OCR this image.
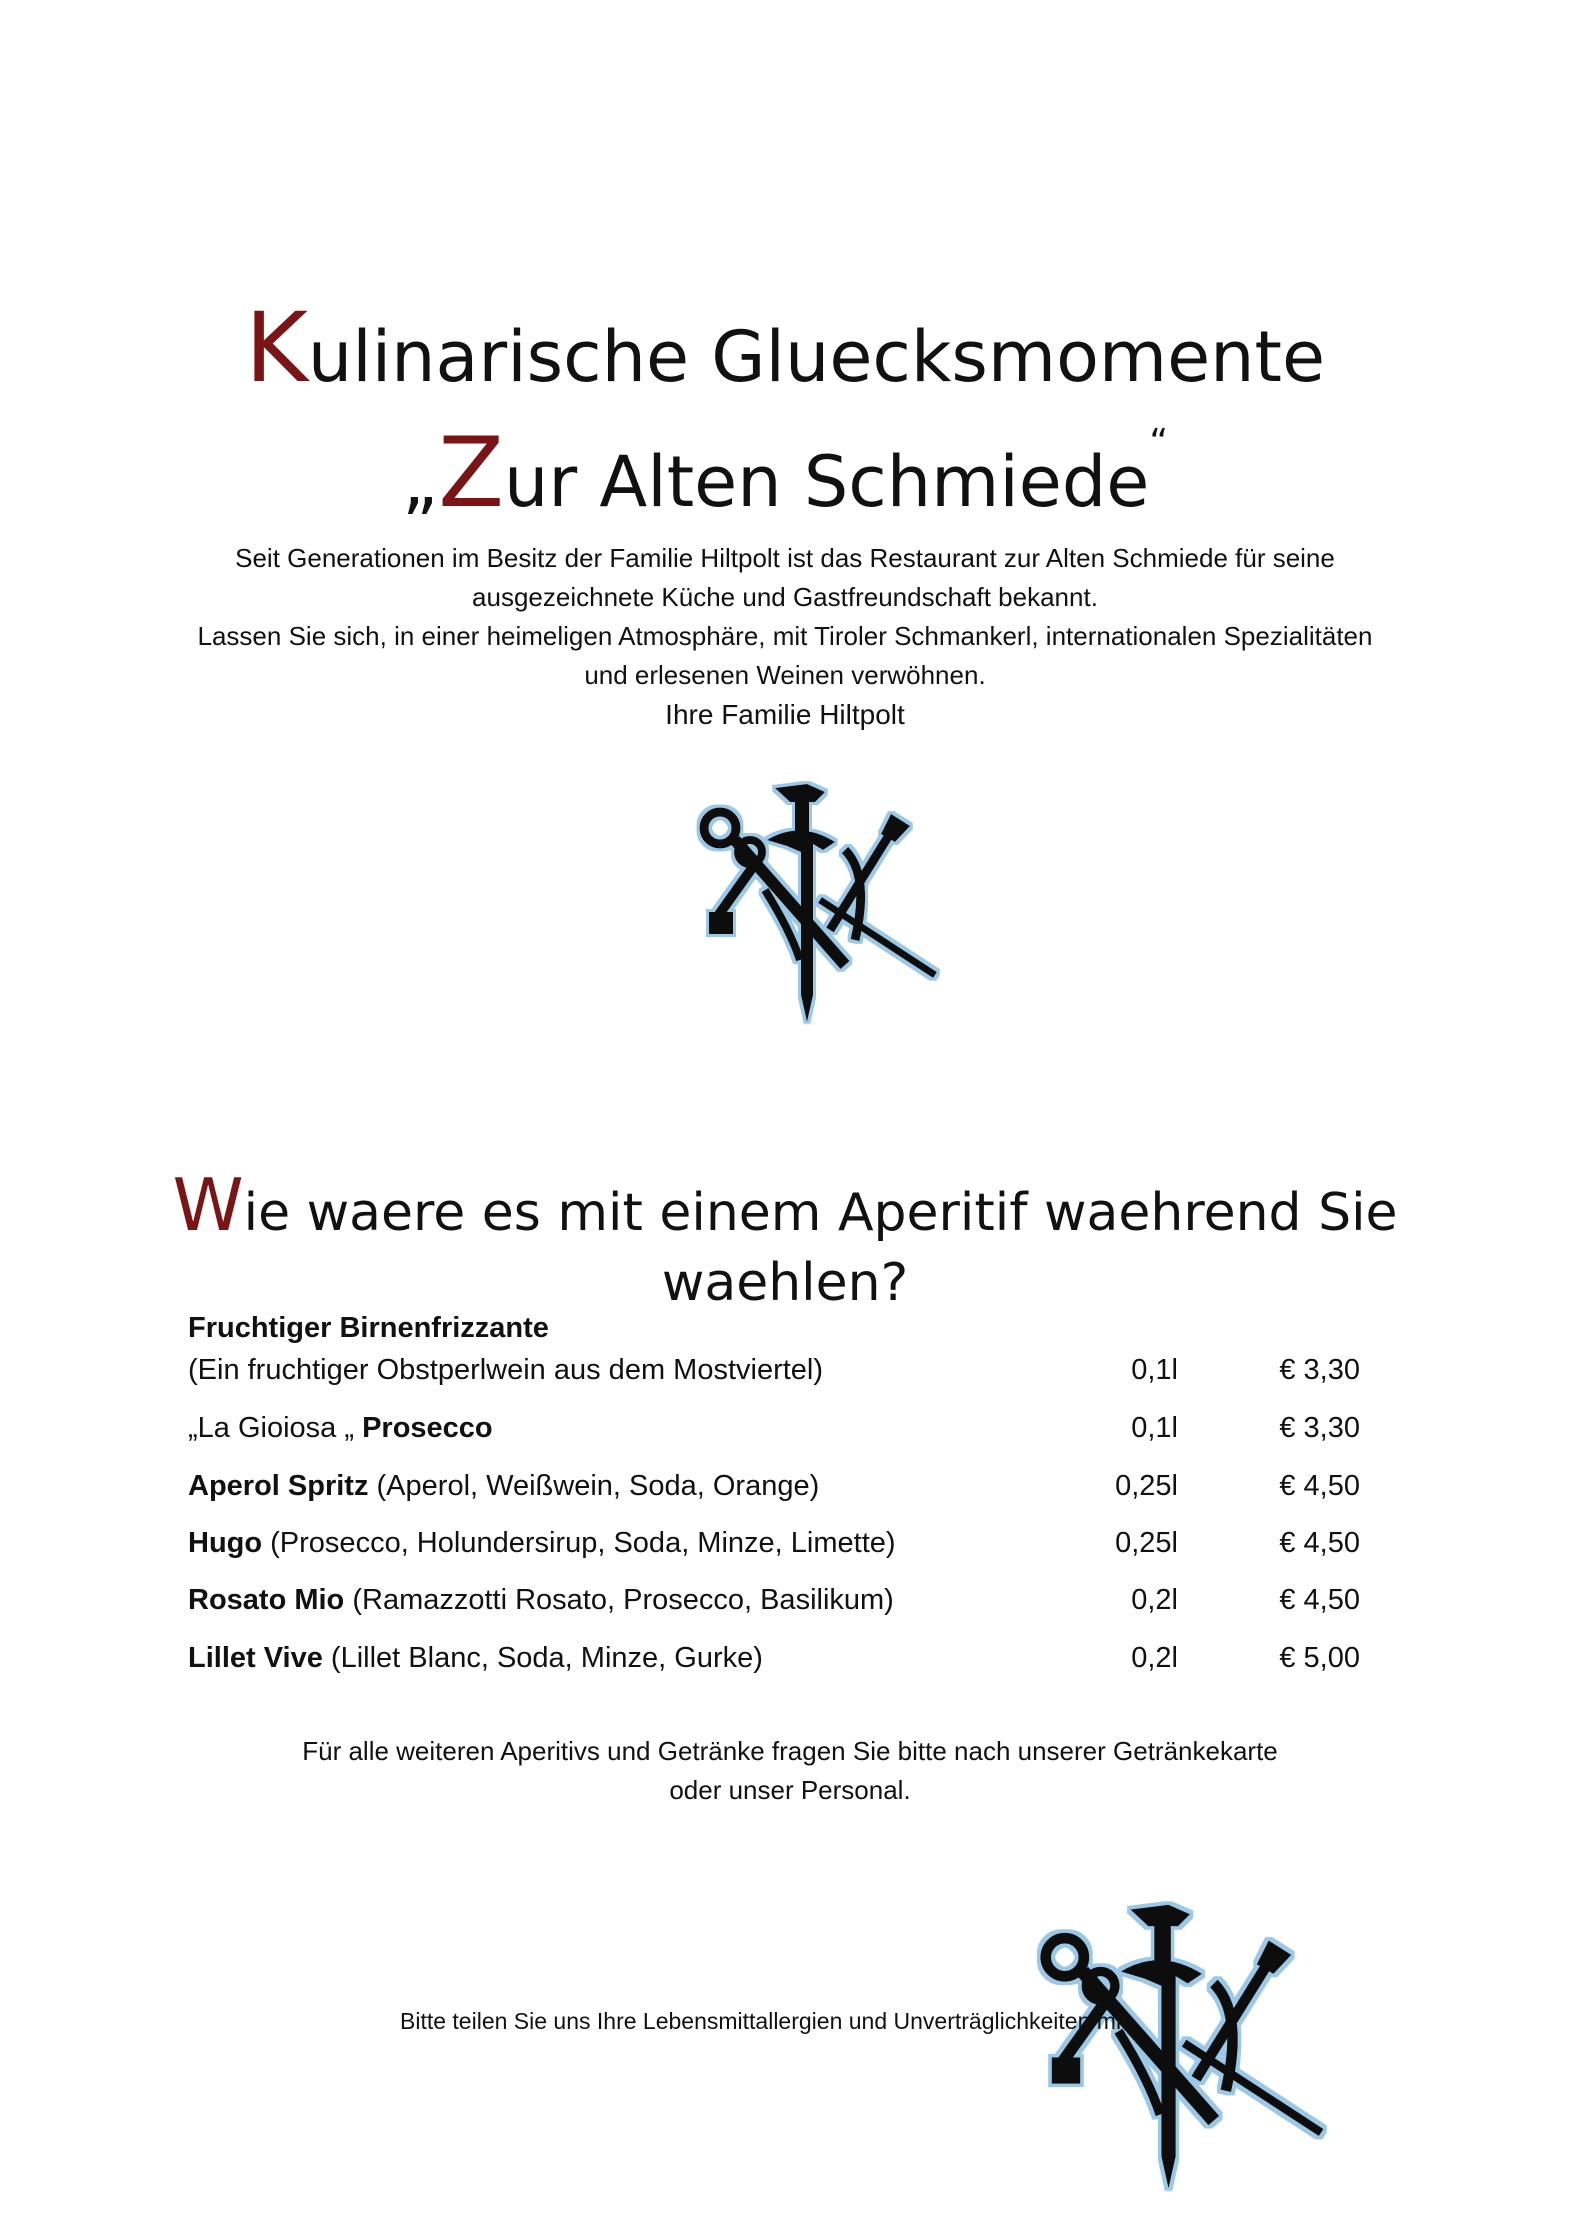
Kulinarische Gluecksmomente
„Zur Alten Schmiede“

Seit Generationen im Besitz der Familie Hiltpolt ist das Restaurant zur Alten Schmiede für seine

ausgezeichnete Küche und Gastfreundschaft bekannt.

Lassen Sie sich, in einer heimeligen Atmosphäre, mit Tiroler Schmankerl, internationalen Spezialitäten

und erlesenen Weinen verwöhnen.

Ihre Familie Hiltpolt

Wie waere es mit einem Aperitif waehrend Sie waehlen?
Fruchtiger Birnenfrizzante
(Ein fruchtiger Obstperlwein aus dem Mostviertel)	0,1l	€ 3,30
„La Gioiosa „ Prosecco	0,1l	€ 3,30
Aperol Spritz (Aperol, Weißwein, Soda, Orange)	0,25l	€ 4,50
Hugo (Prosecco, Holundersirup, Soda, Minze, Limette)	0,25l	€ 4,50
Rosato Mio (Ramazzotti Rosato, Prosecco, Basilikum)	0,2l	€ 4,50
Lillet Vive (Lillet Blanc, Soda, Minze, Gurke)	0,2l	€ 5,00
Für alle weiteren Aperitivs und Getränke fragen Sie bitte nach unserer Getränkekarte
oder unser Personal.
Bitte teilen Sie uns Ihre Lebensmittallergien und Unverträglichkeiten mit
